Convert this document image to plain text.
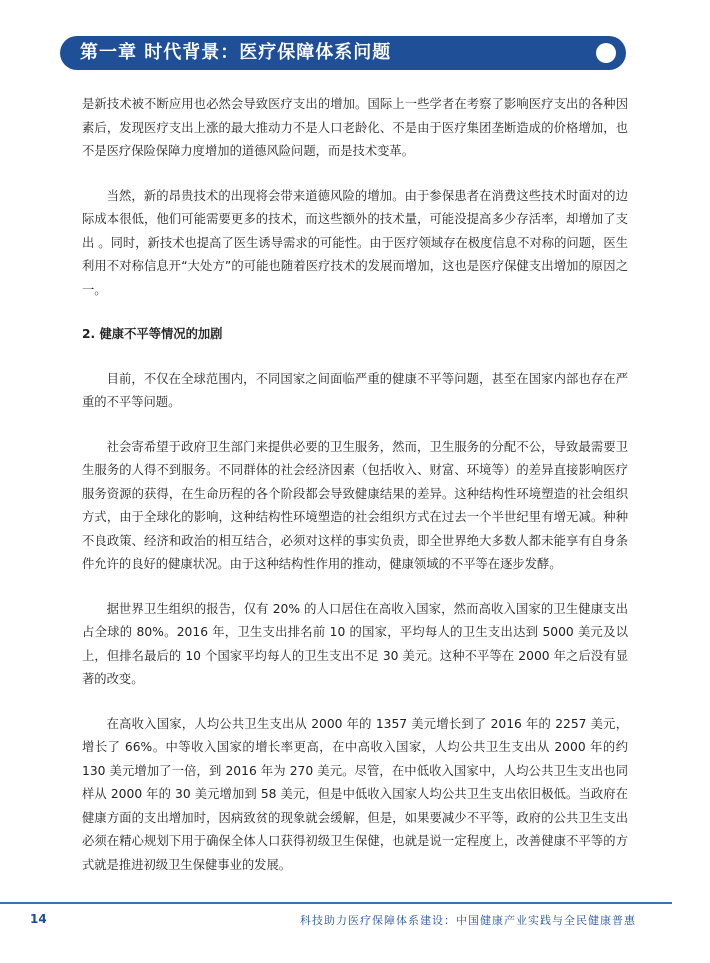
第一章 时代背景：医疗保障体系问题

是新技术被不断应用也必然会导致医疗支出的增加。国际上一些学者在考察了影响医疗支出的各种因素后，发现医疗支出上涨的最大推动力不是人口老龄化、不是由于医疗集团垄断造成的价格增加，也不是医疗保险保障力度增加的道德风险问题，而是技术变革。

当然，新的昂贵技术的出现将会带来道德风险的增加。由于参保患者在消费这些技术时面对的边际成本很低，他们可能需要更多的技术，而这些额外的技术量，可能没提高多少存活率，却增加了支出 。同时，新技术也提高了医生诱导需求的可能性。由于医疗领域存在极度信息不对称的问题，医生利用不对称信息开“大处方”的可能也随着医疗技术的发展而增加，这也是医疗保健支出增加的原因之一。

2. 健康不平等情况的加剧

目前，不仅在全球范围内，不同国家之间面临严重的健康不平等问题，甚至在国家内部也存在严重的不平等问题。

社会寄希望于政府卫生部门来提供必要的卫生服务，然而，卫生服务的分配不公，导致最需要卫生服务的人得不到服务。不同群体的社会经济因素（包括收入、财富、环境等）的差异直接影响医疗服务资源的获得，在生命历程的各个阶段都会导致健康结果的差异。这种结构性环境塑造的社会组织方式，由于全球化的影响，这种结构性环境塑造的社会组织方式在过去一个半世纪里有增无减。种种不良政策、经济和政治的相互结合，必须对这样的事实负责，即全世界绝大多数人都未能享有自身条件允许的良好的健康状况。由于这种结构性作用的推动，健康领域的不平等在逐步发酵。

据世界卫生组织的报告，仅有 20% 的人口居住在高收入国家，然而高收入国家的卫生健康支出占全球的 80%。2016 年，卫生支出排名前 10 的国家，平均每人的卫生支出达到 5000 美元及以上，但排名最后的 10 个国家平均每人的卫生支出不足 30 美元。这种不平等在 2000 年之后没有显著的改变。

在高收入国家，人均公共卫生支出从 2000 年的 1357 美元增长到了 2016 年的 2257 美元，增长了 66%。中等收入国家的增长率更高，在中高收入国家，人均公共卫生支出从 2000 年的约 130 美元增加了一倍，到 2016 年为 270 美元。尽管，在中低收入国家中，人均公共卫生支出也同样从 2000 年的 30 美元增加到 58 美元，但是中低收入国家人均公共卫生支出依旧极低。当政府在健康方面的支出增加时，因病致贫的现象就会缓解，但是，如果要减少不平等，政府的公共卫生支出必须在精心规划下用于确保全体人口获得初级卫生保健，也就是说一定程度上，改善健康不平等的方式就是推进初级卫生保健事业的发展。

14	科技助力医疗保障体系建设：中国健康产业实践与全民健康普惠
